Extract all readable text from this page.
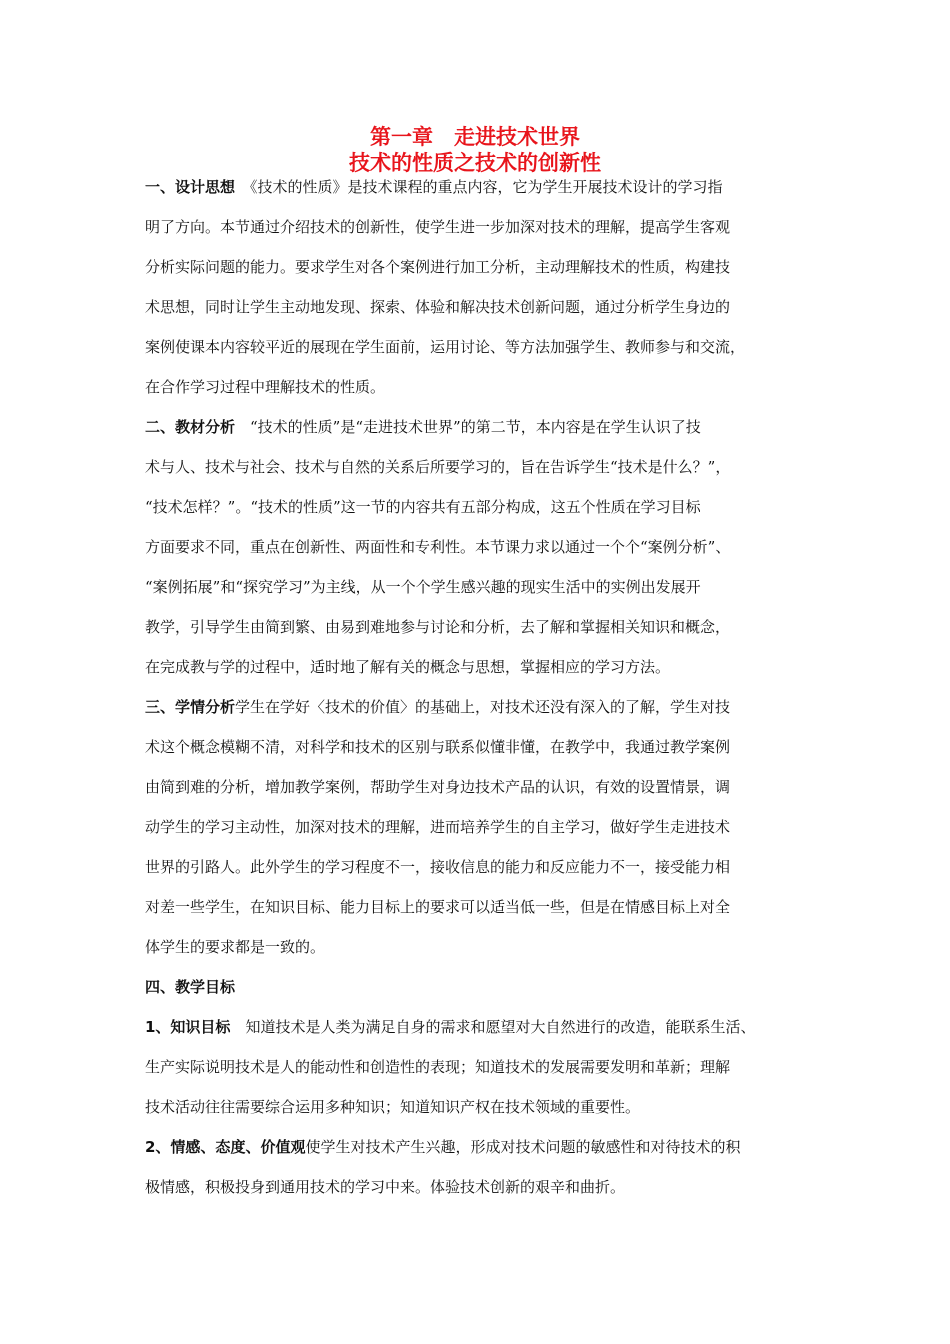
第一章　走进技术世界
技术的性质之技术的创新性

一、设计思想　《技术的性质》是技术课程的重点内容，它为学生开展技术设计的学习指

明了方向。本节通过介绍技术的创新性，使学生进一步加深对技术的理解，提高学生客观

分析实际问题的能力。要求学生对各个案例进行加工分析，主动理解技术的性质，构建技

术思想，同时让学生主动地发现、探索、体验和解决技术创新问题，通过分析学生身边的

案例使课本内容较平近的展现在学生面前，运用讨论、等方法加强学生、教师参与和交流，

在合作学习过程中理解技术的性质。

二、教材分析　“技术的性质”是“走进技术世界”的第二节，本内容是在学生认识了技

术与人、技术与社会、技术与自然的关系后所要学习的，旨在告诉学生“技术是什么？”，

“技术怎样？”。“技术的性质”这一节的内容共有五部分构成，这五个性质在学习目标

方面要求不同，重点在创新性、两面性和专利性。本节课力求以通过一个个“案例分析”、

“案例拓展”和“探究学习”为主线，从一个个学生感兴趣的现实生活中的实例出发展开

教学，引导学生由简到繁、由易到难地参与讨论和分析，去了解和掌握相关知识和概念，

在完成教与学的过程中，适时地了解有关的概念与思想，掌握相应的学习方法。

三、学情分析学生在学好〈技术的价值〉的基础上，对技术还没有深入的了解，学生对技

术这个概念模糊不清，对科学和技术的区别与联系似懂非懂，在教学中，我通过教学案例

由简到难的分析，增加教学案例，帮助学生对身边技术产品的认识，有效的设置情景，调

动学生的学习主动性，加深对技术的理解，进而培养学生的自主学习，做好学生走进技术

世界的引路人。此外学生的学习程度不一，接收信息的能力和反应能力不一，接受能力相

对差一些学生，在知识目标、能力目标上的要求可以适当低一些，但是在情感目标上对全

体学生的要求都是一致的。

四、教学目标

1、知识目标　知道技术是人类为满足自身的需求和愿望对大自然进行的改造，能联系生活、

生产实际说明技术是人的能动性和创造性的表现；知道技术的发展需要发明和革新；理解

技术活动往往需要综合运用多种知识；知道知识产权在技术领域的重要性。

2、情感、态度、价值观使学生对技术产生兴趣，形成对技术问题的敏感性和对待技术的积

极情感，积极投身到通用技术的学习中来。体验技术创新的艰辛和曲折。
